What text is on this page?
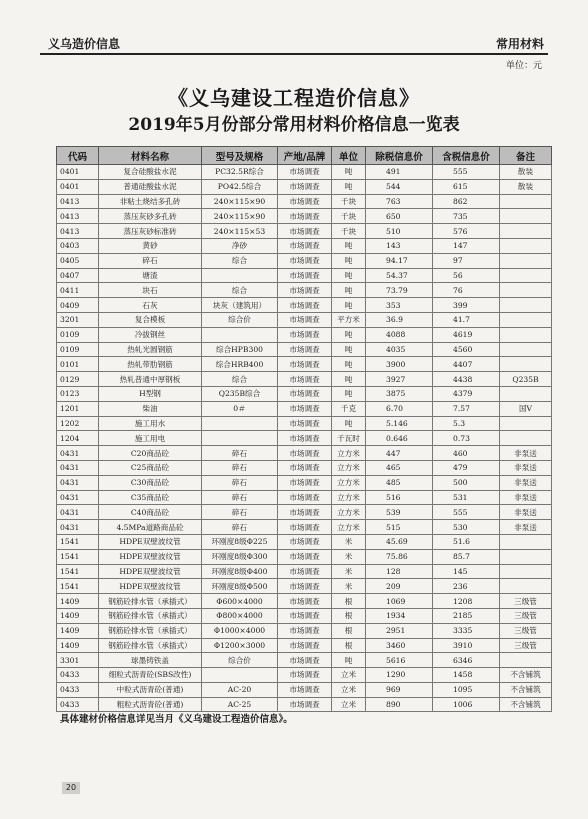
义乌造价信息	常用材料
单位：元
《义乌建设工程造价信息》
2019年5月份部分常用材料价格信息一览表
代码	材料名称	型号及规格	产地/品牌	单位	除税信息价	含税信息价	备注
0401	复合硅酸盐水泥	PC32.5R综合	市场调查	吨	491	555	散装
0401	普通硅酸盐水泥	PO42.5综合	市场调查	吨	544	615	散装
0413	非粘土烧结多孔砖	240×115×90	市场调查	千块	763	862	
0413	蒸压灰砂多孔砖	240×115×90	市场调查	千块	650	735	
0413	蒸压灰砂标准砖	240×115×53	市场调查	千块	510	576	
0403	黄砂	净砂	市场调查	吨	143	147	
0405	碎石	综合	市场调查	吨	94.17	97	
0407	塘渣		市场调查	吨	54.37	56	
0411	块石	综合	市场调查	吨	73.79	76	
0409	石灰	块灰（建筑用）	市场调查	吨	353	399	
3201	复合模板	综合价	市场调查	平方米	36.9	41.7	
0109	冷拔钢丝		市场调查	吨	4088	4619	
0109	热轧光圆钢筋	综合HPB300	市场调查	吨	4035	4560	
0101	热轧带肋钢筋	综合HRB400	市场调查	吨	3900	4407	
0129	热轧普通中厚钢板	综合	市场调查	吨	3927	4438	Q235B
0123	H型钢	Q235B综合	市场调查	吨	3875	4379	
1201	柴油	0＃	市场调查	千克	6.70	7.57	国V
1202	施工用水		市场调查	吨	5.146	5.3	
1204	施工用电		市场调查	千瓦时	0.646	0.73	
0431	C20商品砼	碎石	市场调查	立方米	447	460	非泵送
0431	C25商品砼	碎石	市场调查	立方米	465	479	非泵送
0431	C30商品砼	碎石	市场调查	立方米	485	500	非泵送
0431	C35商品砼	碎石	市场调查	立方米	516	531	非泵送
0431	C40商品砼	碎石	市场调查	立方米	539	555	非泵送
0431	4.5MPa道路商品砼	碎石	市场调查	立方米	515	530	非泵送
1541	HDPE双壁波纹管	环刚度8级Φ225	市场调查	米	45.69	51.6	
1541	HDPE双壁波纹管	环刚度8级Φ300	市场调查	米	75.86	85.7	
1541	HDPE双壁波纹管	环刚度8级Φ400	市场调查	米	128	145	
1541	HDPE双壁波纹管	环刚度8级Φ500	市场调查	米	209	236	
1409	钢筋砼排水管（承插式）	Φ600×4000	市场调查	根	1069	1208	三级管
1409	钢筋砼排水管（承插式）	Φ800×4000	市场调查	根	1934	2185	三级管
1409	钢筋砼排水管（承插式）	Φ1000×4000	市场调查	根	2951	3335	三级管
1409	钢筋砼排水管（承插式）	Φ1200×3000	市场调查	根	3460	3910	三级管
3301	球墨铸铁盖	综合价	市场调查	吨	5616	6346	
0433	细粒式沥青砼(SBS改性)		市场调查	立米	1290	1458	不含铺筑
0433	中粒式沥青砼(普通)	AC-20	市场调查	立米	969	1095	不含铺筑
0433	粗粒式沥青砼(普通)	AC-25	市场调查	立米	890	1006	不含铺筑
具体建材价格信息详见当月《义乌建设工程造价信息》。
20
